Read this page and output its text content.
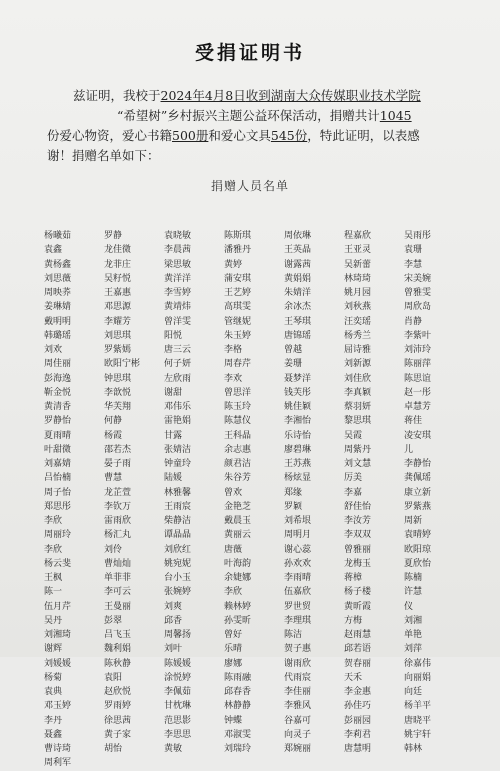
受捐证明书
兹证明，我校于2024年4月8日收到湖南大众传媒职业技术学院
“希望树”乡村振兴主题公益环保活动，捐赠共计1045
份爱心物资，爱心书籍500册和爱心文具545份，特此证明，以表感
谢！捐赠名单如下：
捐赠人员名单
杨曦茹	罗静	袁晓敏	陈斯琪	周依琳	程嘉欣	吴雨彤
袁鑫	龙佳微	李晨茜	潘雅丹	王英晶	王亚灵	袁珊
黄杨鑫	龙菲庄	梁思敏	黄婷	谢露茜	吴新蕾	李慧
刘思薇	吴籽悦	黄洋洋	蒲安琪	黄娟娟	林琦琦	宋美婉
周映荞	王嘉惠	李雪婷	王艺婷	朱婧洋	姚月园	曾雅雯
姜琳婧	邓思源	黄靖炜	高琪雯	余冰杰	刘秋燕	周欣岛
戴明明	李耀芳	曾洋雯	管继妮	王琴琪	汪奕瑶	肖静
韩璐瑶	刘思琪	阳悦	朱玉婷	唐锦瑶	杨秀兰	李紫叶
刘欢	罗紫嫣	唐三云	李格	曾越	屈诗雅	刘沛玲
周佳丽	欧阳宁彬	何子妍	周春芹	姜珊	刘新源	陈丽萍
彭海逸	钟思琪	左欣雨	李欢	聂梦洋	刘佳欣	陈思谊
靳金悦	李歆悦	谢甜	曾思洋	钱芙彤	李真颖	赵一彤
黄清香	华芙翔	邓伟乐	陈玉玲	姚佳颖	蔡羽妍	卓慧芳
罗静怡	何静	雷艳娟	陈慧仪	李湘怡	黎思琪	蒋佳
夏雨晴	杨霞	甘露	王科晶	乐诗怡	吴霞	凌安琪
叶甜微	邵若杰	张婧洁	余志惠	廖碧琳	周紫丹	儿
刘嘉婧	晏子雨	钟童玲	颜君洁	王苏燕	刘文慧	李静怡
吕怡楠	曹慧	陆媛	朱谷芳	杨炫显	厉美	龚佩瑶
周子怡	龙芷萱	林雅馨	曾欢	郑缘	李嘉	康立新
郑思彤	李钦万	王雨宸	金艳芝	罗颖	舒佳怡	罗紫燕
李欣	雷雨欣	柴静洁	戴晨玉	刘希垠	李汝芳	周新
周丽玲	杨汇丸	谭晶晶	黄丽云	周明月	李双双	袁晴婷
李欣	刘伶	刘欣红	唐薇	谢心蕊	曾雅丽	欧阳琼
杨云斐	曹灿灿	姚宛妮	叶海韵	孙欢欢	龙梅玉	夏欣怡
王枫	单菲菲	台小玉	余婕娜	李雨晴	蒋樟	陈楠
陈一	李可云	张婉婷	李欣	伍嘉欣	杨子楼	许慧
伍月芹	王曼丽	刘爽	赖林婷	罗世贸	黄昕霞	仪
吴丹	彭翠	邱香	孙雯昕	李理琪	方梅	刘湘
刘湘琦	吕飞玉	周馨扬	曾好	陈洁	赵雨慧	单艳
谢辉	魏利娟	刘叶	乐晴	贺子惠	邱若语	刘萍
刘媛媛	陈秋静	陈媛媛	廖娜	谢雨欣	贺春丽	徐嘉伟
杨菊	袁阳	涂悦婷	陈雨融	代雨宸	天禾	向丽娟
袁典	赵欣悦	李佩茹	邱春香	李佳丽	李金惠	向廷
邓玉婷	罗雨婷	甘枕琳	林静静	李雅风	孙佳巧	杨羊平
李丹	徐思茜	范思影	钟蝶	谷嘉可	彭丽园	唐晓平
聂鑫	黄子家	李思思	邓淑雯	向灵子	李莉君	姚宇轩
曹诗琦	胡怡	黄敏	刘瑞玲	郑婉丽	唐慧明	韩林
周利军
